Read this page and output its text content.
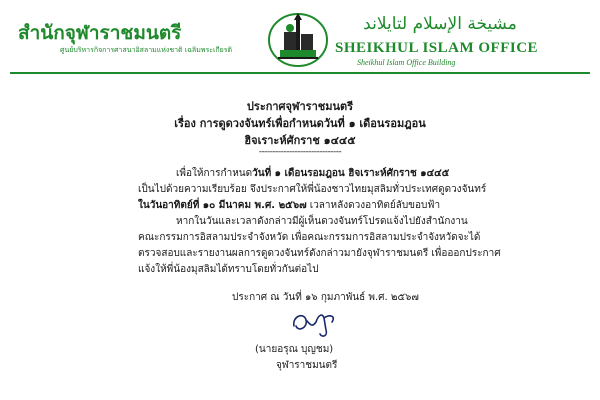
สำนักจุฬาราชมนตรี
ศูนย์บริหารกิจการศาสนาอิสลามแห่งชาติ เฉลิมพระเกียรติ
مشيخة الإسلام لتايلاند
SHEIKHUL ISLAM OFFICE
Sheikhul Islam Office Building
ประกาศจุฬาราชมนตรี
เรื่อง การดูดวงจันทร์เพื่อกำหนดวันที่ ๑ เดือนรอมฎอน
ฮิจเราะห์ศักราช ๑๔๔๕
------------------------------
เพื่อให้การกำหนดวันที่ ๑ เดือนรอมฎอน ฮิจเราะห์ศักราช ๑๔๔๕
เป็นไปด้วยความเรียบร้อย จึงประกาศให้พี่น้องชาวไทยมุสลิมทั่วประเทศดูดวงจันทร์
ในวันอาทิตย์ที่ ๑๐ มีนาคม พ.ศ. ๒๕๖๗ เวลาหลังดวงอาทิตย์ลับขอบฟ้า
หากในวันและเวลาดังกล่าวมีผู้เห็นดวงจันทร์โปรดแจ้งไปยังสำนักงาน
คณะกรรมการอิสลามประจำจังหวัด เพื่อคณะกรรมการอิสลามประจำจังหวัดจะได้
ตรวจสอบและรายงานผลการดูดวงจันทร์ดังกล่าวมายังจุฬาราชมนตรี เพื่อออกประกาศ
แจ้งให้พี่น้องมุสลิมได้ทราบโดยทั่วกันต่อไป
ประกาศ ณ วันที่ ๑๖ กุมภาพันธ์ พ.ศ. ๒๕๖๗
(นายอรุณ บุญชม)
จุฬาราชมนตรี
